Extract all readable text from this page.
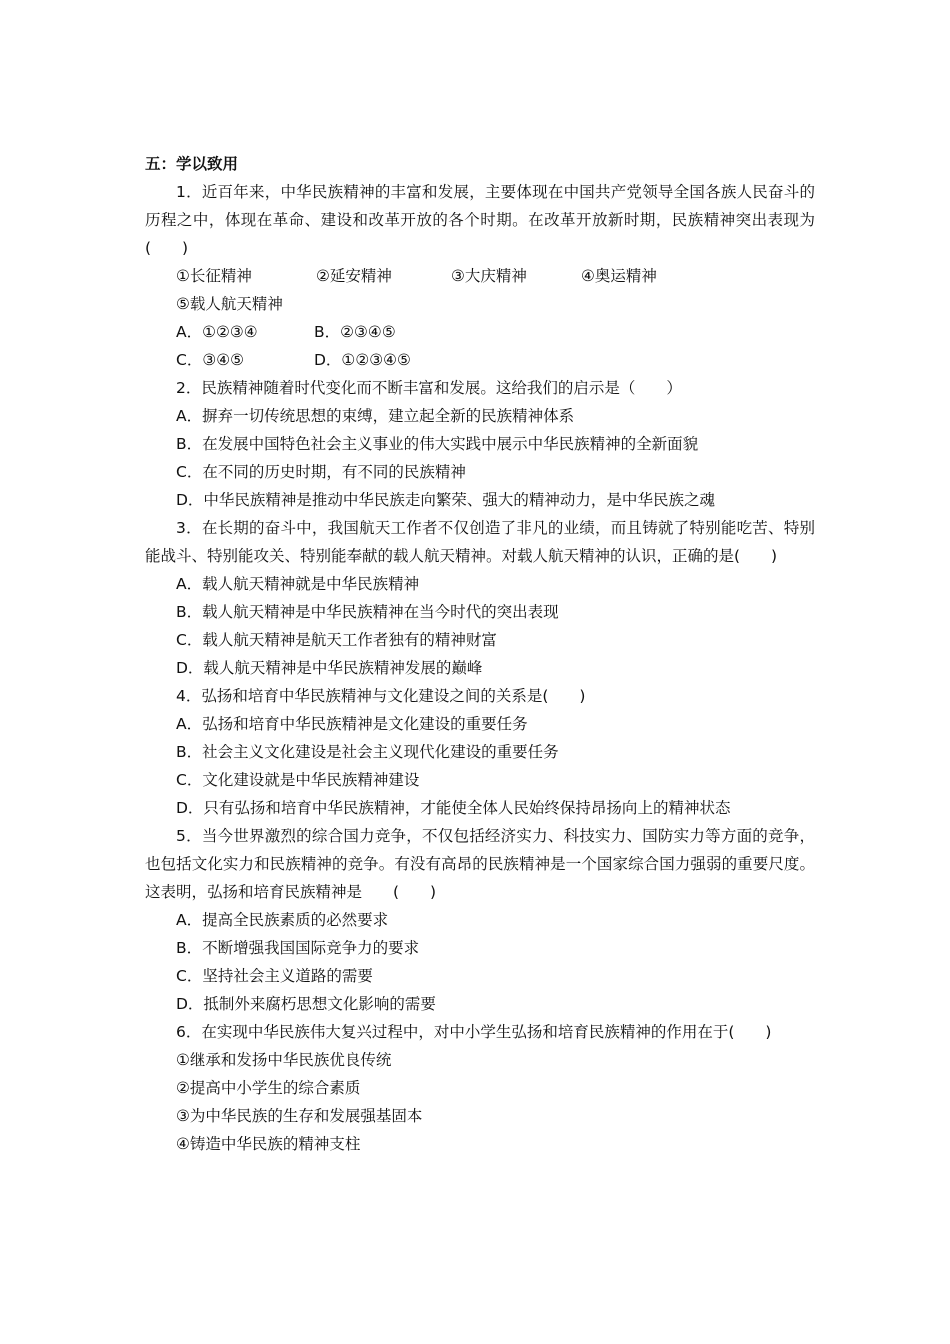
五：学以致用

1．近百年来，中华民族精神的丰富和发展，主要体现在中国共产党领导全国各族人民奋斗的历程之中，体现在革命、建设和改革开放的各个时期。在改革开放新时期，民族精神突出表现为　　(　　)

①长征精神	②延安精神	③大庆精神	④奥运精神

⑤载人航天精神

A．①②③④	B．②③④⑤

C．③④⑤	D．①②③④⑤

2．民族精神随着时代变化而不断丰富和发展。这给我们的启示是（　　）

A．摒弃一切传统思想的束缚，建立起全新的民族精神体系

B．在发展中国特色社会主义事业的伟大实践中展示中华民族精神的全新面貌

C．在不同的历史时期，有不同的民族精神

D．中华民族精神是推动中华民族走向繁荣、强大的精神动力，是中华民族之魂

3．在长期的奋斗中，我国航天工作者不仅创造了非凡的业绩，而且铸就了特别能吃苦、特别能战斗、特别能攻关、特别能奉献的载人航天精神。对载人航天精神的认识，正确的是(　　)

A．载人航天精神就是中华民族精神

B．载人航天精神是中华民族精神在当今时代的突出表现

C．载人航天精神是航天工作者独有的精神财富

D．载人航天精神是中华民族精神发展的巅峰

4．弘扬和培育中华民族精神与文化建设之间的关系是(　　)

A．弘扬和培育中华民族精神是文化建设的重要任务

B．社会主义文化建设是社会主义现代化建设的重要任务

C．文化建设就是中华民族精神建设

D．只有弘扬和培育中华民族精神，才能使全体人民始终保持昂扬向上的精神状态

5．当今世界激烈的综合国力竞争，不仅包括经济实力、科技实力、国防实力等方面的竞争，也包括文化实力和民族精神的竞争。有没有高昂的民族精神是一个国家综合国力强弱的重要尺度。这表明，弘扬和培育民族精神是　　(　　)

A．提高全民族素质的必然要求

B．不断增强我国国际竞争力的要求

C．坚持社会主义道路的需要

D．抵制外来腐朽思想文化影响的需要

6．在实现中华民族伟大复兴过程中，对中小学生弘扬和培育民族精神的作用在于(　　)

①继承和发扬中华民族优良传统

②提高中小学生的综合素质

③为中华民族的生存和发展强基固本

④铸造中华民族的精神支柱
